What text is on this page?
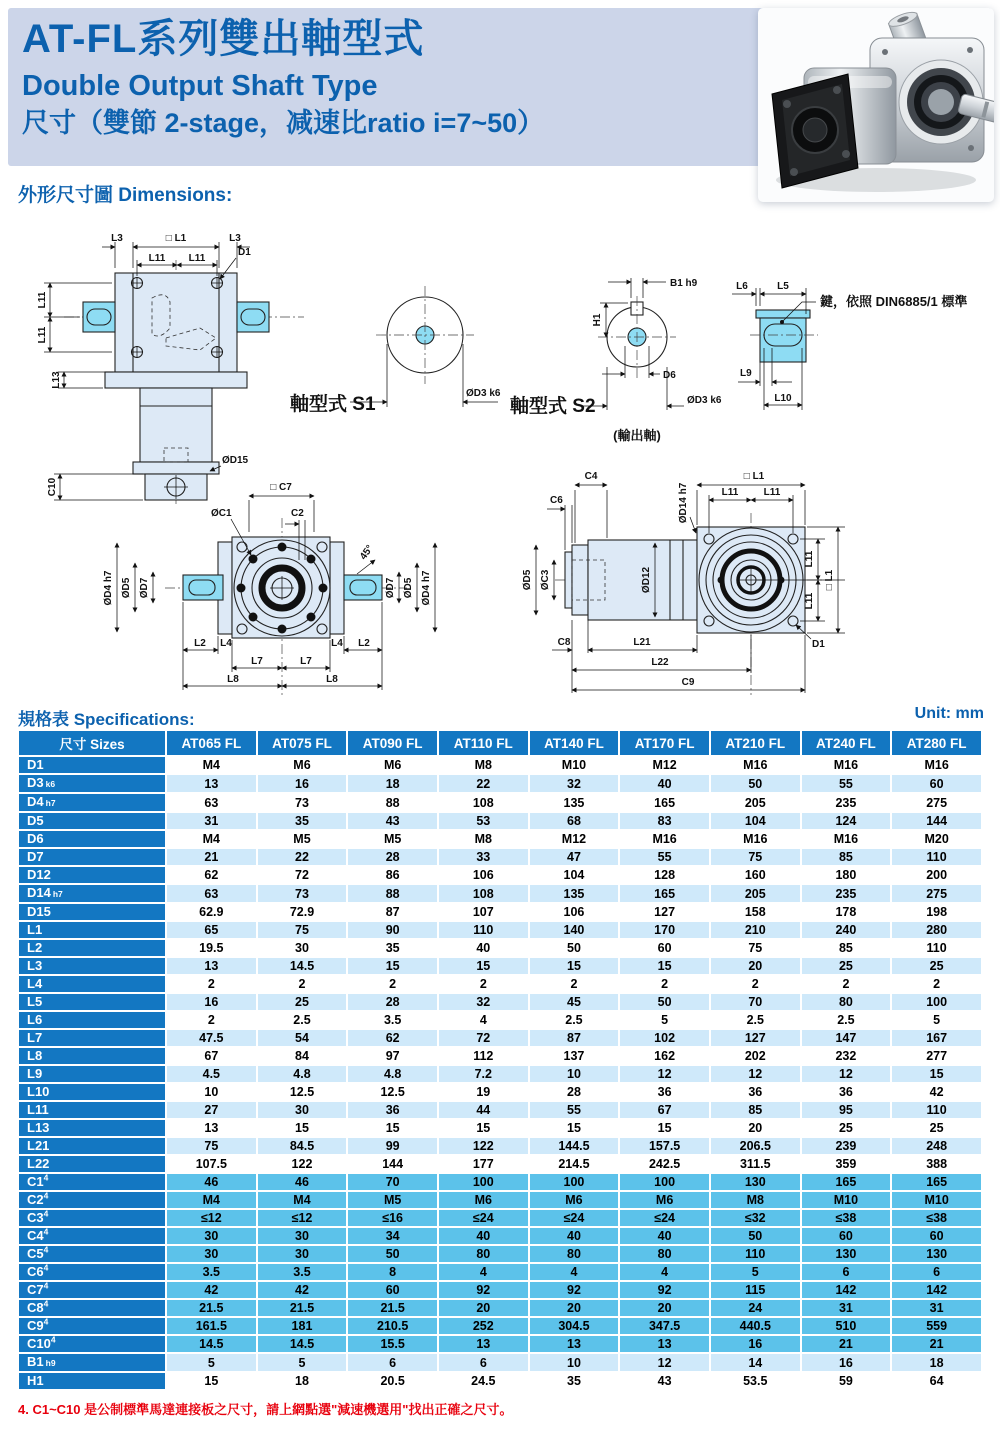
AT-FL系列雙出軸型式
Double Output Shaft Type
尺寸（雙節 2-stage，减速比ratio i=7~50）
外形尺寸圖 Dimensions:
L3	□ L1	L3
L11 L11
D1
L11
L11
L13
C10
ØD15
ØD3 k6
軸型式 S1
B1 h9
H1
D6
ØD3 k6
(輸出軸)
軸型式 S2
L6	L5
鍵，依照 DIN6885/1 標準
L9
L10
□ C7
ØC1	C2
45°
ØD4 h7 ØD5 ØD7	ØD7 ØD5 ØD4 h7
L2 L4	L4 L2
L7	L7
L8	L8
C4
C6
□ L1
L11	L11
ØD14 h7
ØD12
ØD5 ØC3
L11
L11
□ L1
D1
C8	L21
L22
C9
規格表 Specifications:	Unit: mm
尺寸 Sizes	AT065 FL	AT075 FL	AT090 FL	AT110 FL	AT140 FL	AT170 FL	AT210 FL	AT240 FL	AT280 FL
D1	M4	M6	M6	M8	M10	M12	M16	M16	M16
D3 k6	13	16	18	22	32	40	50	55	60
D4 h7	63	73	88	108	135	165	205	235	275
D5	31	35	43	53	68	83	104	124	144
D6	M4	M5	M5	M8	M12	M16	M16	M16	M20
D7	21	22	28	33	47	55	75	85	110
D12	62	72	86	106	104	128	160	180	200
D14 h7	63	73	88	108	135	165	205	235	275
D15	62.9	72.9	87	107	106	127	158	178	198
L1	65	75	90	110	140	170	210	240	280
L2	19.5	30	35	40	50	60	75	85	110
L3	13	14.5	15	15	15	15	20	25	25
L4	2	2	2	2	2	2	2	2	2
L5	16	25	28	32	45	50	70	80	100
L6	2	2.5	3.5	4	2.5	5	2.5	2.5	5
L7	47.5	54	62	72	87	102	127	147	167
L8	67	84	97	112	137	162	202	232	277
L9	4.5	4.8	4.8	7.2	10	12	12	12	15
L10	10	12.5	12.5	19	28	36	36	36	42
L11	27	30	36	44	55	67	85	95	110
L13	13	15	15	15	15	15	20	25	25
L21	75	84.5	99	122	144.5	157.5	206.5	239	248
L22	107.5	122	144	177	214.5	242.5	311.5	359	388
$C1^4$	46	46	70	100	100	100	130	165	165
$C2^4$	M4	M4	M5	M6	M6	M6	M8	M10	M10
$C3^4$	≤12	≤12	≤16	≤24	≤24	≤24	≤32	≤38	≤38
$C4^4$	30	30	34	40	40	40	50	60	60
$C5^4$	30	30	50	80	80	80	110	130	130
$C6^4$	3.5	3.5	8	4	4	4	5	6	6
$C7^4$	42	42	60	92	92	92	115	142	142
$C8^4$	21.5	21.5	21.5	20	20	20	24	31	31
$C9^4$	161.5	181	210.5	252	304.5	347.5	440.5	510	559
$C10^4$	14.5	14.5	15.5	13	13	13	16	21	21
B1 h9	5	5	6	6	10	12	14	16	18
H1	15	18	20.5	24.5	35	43	53.5	59	64
4. C1~C10 是公制標準馬達連接板之尺寸，請上網點選"減速機選用"找出正確之尺寸。
